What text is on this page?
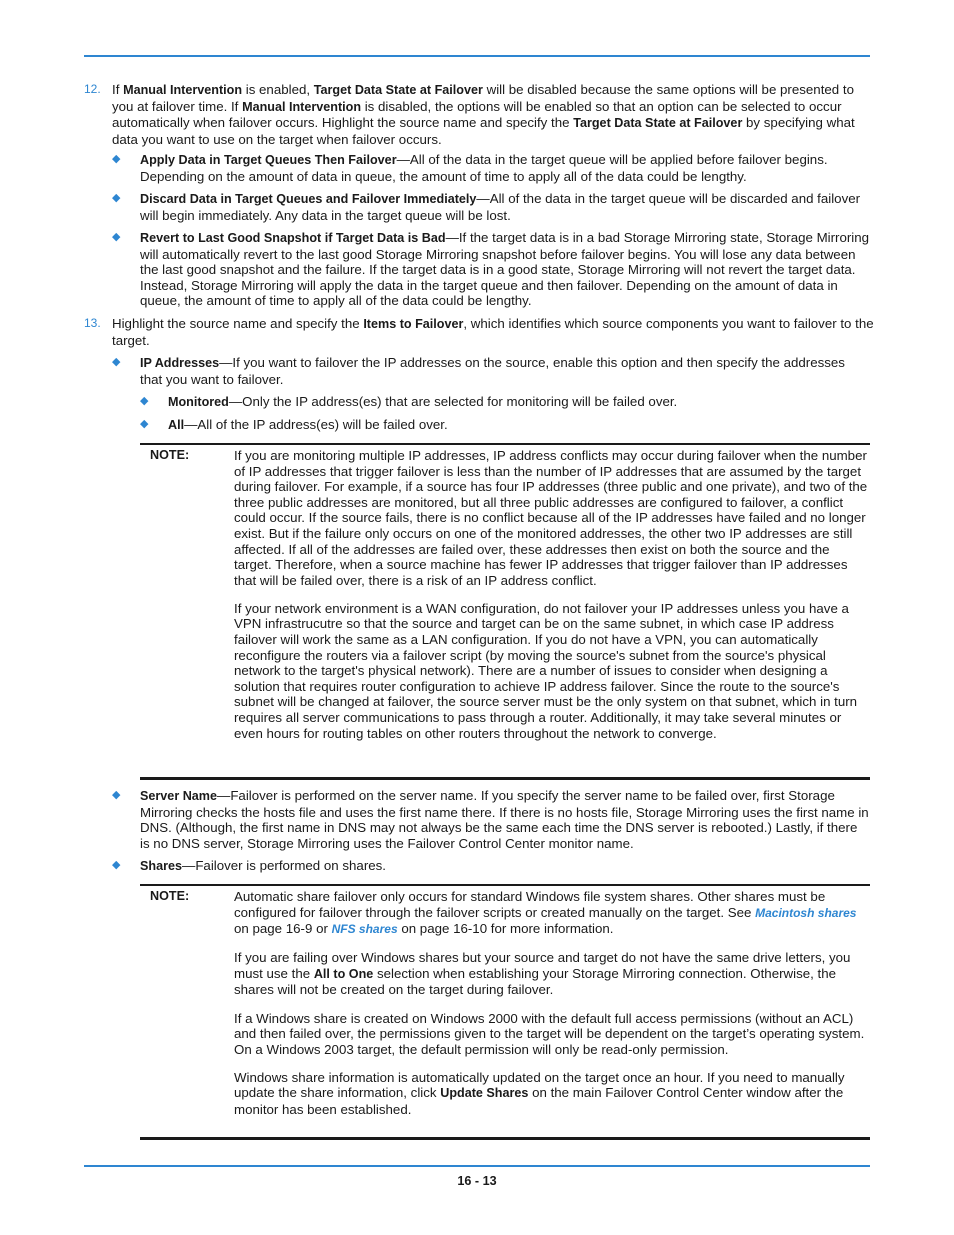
12. If Manual Intervention is enabled, Target Data State at Failover will be disabled because the same options will be presented to you at failover time. If Manual Intervention is disabled, the options will be enabled so that an option can be selected to occur automatically when failover occurs. Highlight the source name and specify the Target Data State at Failover by specifying what data you want to use on the target when failover occurs.
◆ Apply Data in Target Queues Then Failover—All of the data in the target queue will be applied before failover begins. Depending on the amount of data in queue, the amount of time to apply all of the data could be lengthy.
◆ Discard Data in Target Queues and Failover Immediately—All of the data in the target queue will be discarded and failover will begin immediately. Any data in the target queue will be lost.
◆ Revert to Last Good Snapshot if Target Data is Bad—If the target data is in a bad Storage Mirroring state, Storage Mirroring will automatically revert to the last good Storage Mirroring snapshot before failover begins. You will lose any data between the last good snapshot and the failure. If the target data is in a good state, Storage Mirroring will not revert the target data. Instead, Storage Mirroring will apply the data in the target queue and then failover. Depending on the amount of data in queue, the amount of time to apply all of the data could be lengthy.
13. Highlight the source name and specify the Items to Failover, which identifies which source components you want to failover to the target.
◆ IP Addresses—If you want to failover the IP addresses on the source, enable this option and then specify the addresses that you want to failover.
◆ Monitored—Only the IP address(es) that are selected for monitoring will be failed over.
◆ All—All of the IP address(es) will be failed over.
NOTE:	If you are monitoring multiple IP addresses, IP address conflicts may occur during failover when the number of IP addresses that trigger failover is less than the number of IP addresses that are assumed by the target during failover. For example, if a source has four IP addresses (three public and one private), and two of the three public addresses are monitored, but all three public addresses are configured to failover, a conflict could occur. If the source fails, there is no conflict because all of the IP addresses have failed and no longer exist. But if the failure only occurs on one of the monitored addresses, the other two IP addresses are still affected. If all of the addresses are failed over, these addresses then exist on both the source and the target. Therefore, when a source machine has fewer IP addresses that trigger failover than IP addresses that will be failed over, there is a risk of an IP address conflict.

If your network environment is a WAN configuration, do not failover your IP addresses unless you have a VPN infrastrucutre so that the source and target can be on the same subnet, in which case IP address failover will work the same as a LAN configuration. If you do not have a VPN, you can automatically reconfigure the routers via a failover script (by moving the source's subnet from the source's physical network to the target's physical network). There are a number of issues to consider when designing a solution that requires router configuration to achieve IP address failover. Since the route to the source's subnet will be changed at failover, the source server must be the only system on that subnet, which in turn requires all server communications to pass through a router. Additionally, it may take several minutes or even hours for routing tables on other routers throughout the network to converge.

◆ Server Name—Failover is performed on the server name. If you specify the server name to be failed over, first Storage Mirroring checks the hosts file and uses the first name there. If there is no hosts file, Storage Mirroring uses the first name in DNS. (Although, the first name in DNS may not always be the same each time the DNS server is rebooted.) Lastly, if there is no DNS server, Storage Mirroring uses the Failover Control Center monitor name.
◆ Shares—Failover is performed on shares.
NOTE:	Automatic share failover only occurs for standard Windows file system shares. Other shares must be configured for failover through the failover scripts or created manually on the target. See Macintosh shares on page 16-9 or NFS shares on page 16-10 for more information.

If you are failing over Windows shares but your source and target do not have the same drive letters, you must use the All to One selection when establishing your Storage Mirroring connection. Otherwise, the shares will not be created on the target during failover.

If a Windows share is created on Windows 2000 with the default full access permissions (without an ACL) and then failed over, the permissions given to the target will be dependent on the target’s operating system. On a Windows 2003 target, the default permission will only be read-only permission.

Windows share information is automatically updated on the target once an hour. If you need to manually update the share information, click Update Shares on the main Failover Control Center window after the monitor has been established.

16 - 13
